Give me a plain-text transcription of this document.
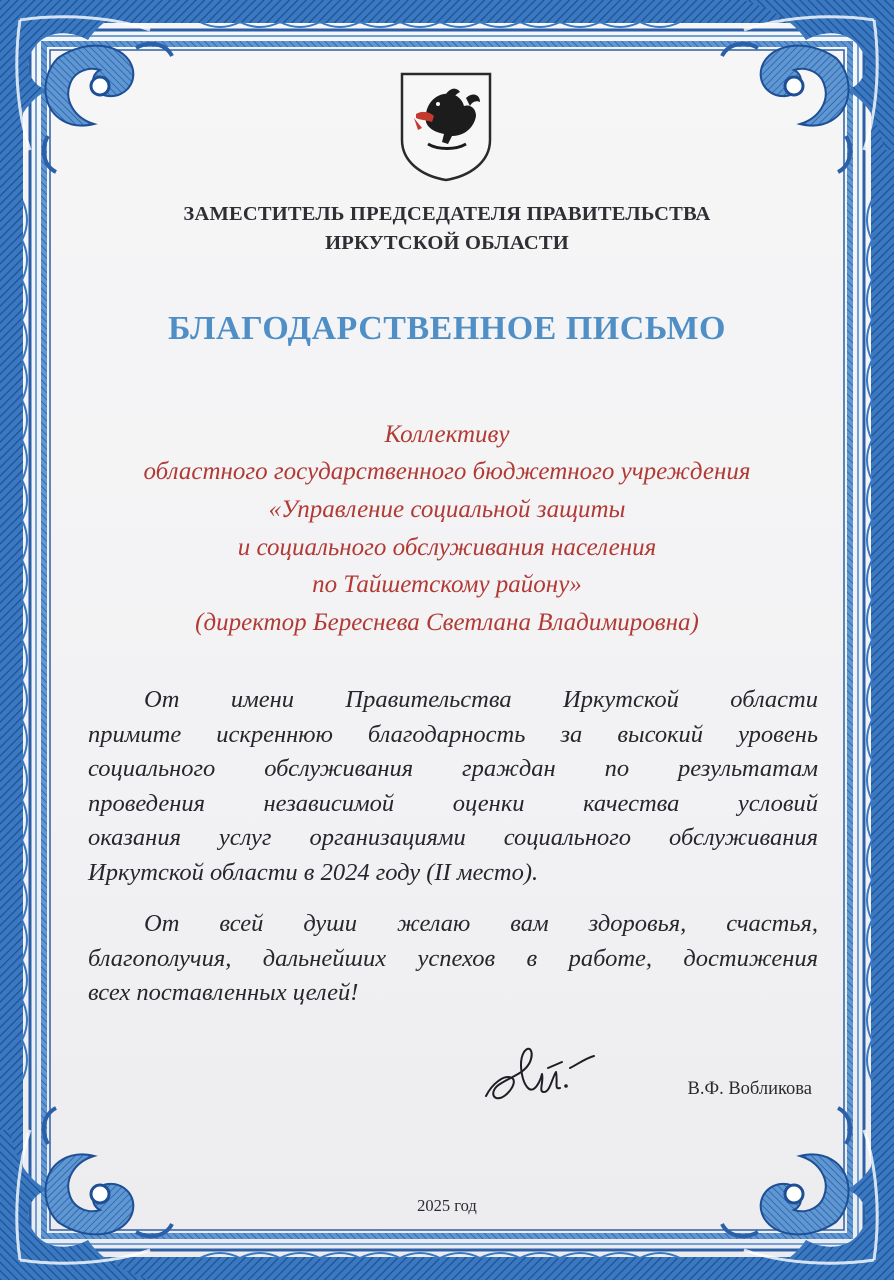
ЗАМЕСТИТЕЛЬ ПРЕДСЕДАТЕЛЯ ПРАВИТЕЛЬСТВА
ИРКУТСКОЙ ОБЛАСТИ
БЛАГОДАРСТВЕННОЕ ПИСЬМО

Коллективу

областного государственного бюджетного учреждения

«Управление социальной защиты

и социального обслуживания населения

по Тайшетскому району»

(директор Береснева Светлана Владимировна)

От имени Правительства Иркутской области
примите искреннюю благодарность за высокий уровень
социального обслуживания граждан по результатам
проведения независимой оценки качества условий
оказания услуг организациями социального обслуживания
Иркутской области в 2024 году (II место).
От всей души желаю вам здоровья, счастья,
благополучия, дальнейших успехов в работе, достижения
всех поставленных целей!
В.Ф. Вобликова
2025 год
